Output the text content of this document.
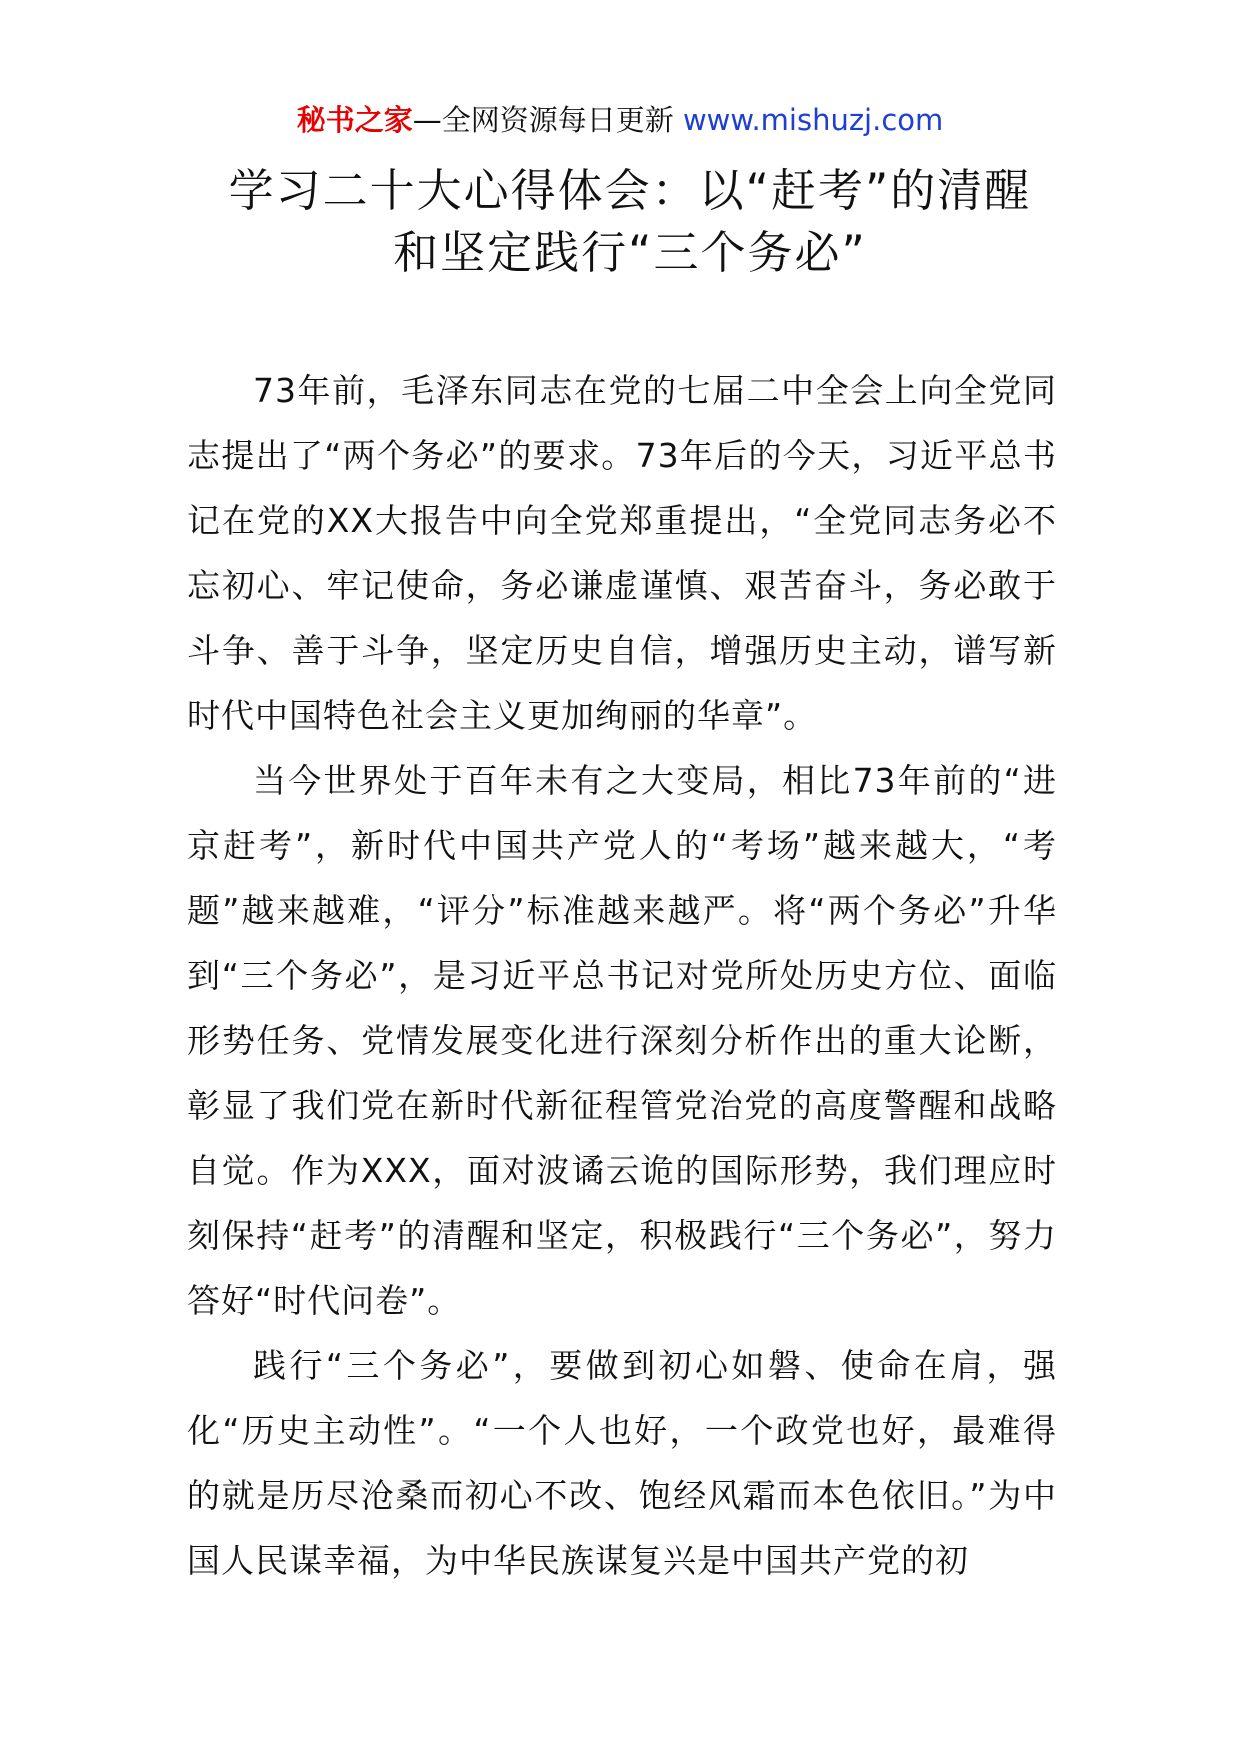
秘书之家—全网资源每日更新 www.mishuzj.com
学习二十大心得体会：以“赶考”的清醒
和坚定践行“三个务必”

73年前，毛泽东同志在党的七届二中全会上向全党同志提出了“两个务必”的要求。73年后的今天，习近平总书记在党的XX大报告中向全党郑重提出，“全党同志务必不忘初心、牢记使命，务必谦虚谨慎、艰苦奋斗，务必敢于斗争、善于斗争，坚定历史自信，增强历史主动，谱写新时代中国特色社会主义更加绚丽的华章”。

当今世界处于百年未有之大变局，相比73年前的“进京赶考”，新时代中国共产党人的“考场”越来越大，“考题”越来越难，“评分”标准越来越严。将“两个务必”升华到“三个务必”，是习近平总书记对党所处历史方位、面临形势任务、党情发展变化进行深刻分析作出的重大论断，彰显了我们党在新时代新征程管党治党的高度警醒和战略自觉。作为XXX，面对波谲云诡的国际形势，我们理应时刻保持“赶考”的清醒和坚定，积极践行“三个务必”，努力答好“时代问卷”。

践行“三个务必”，要做到初心如磐、使命在肩，强化“历史主动性”。“一个人也好，一个政党也好，最难得的就是历尽沧桑而初心不改、饱经风霜而本色依旧。”为中国人民谋幸福，为中华民族谋复兴是中国共产党的初
